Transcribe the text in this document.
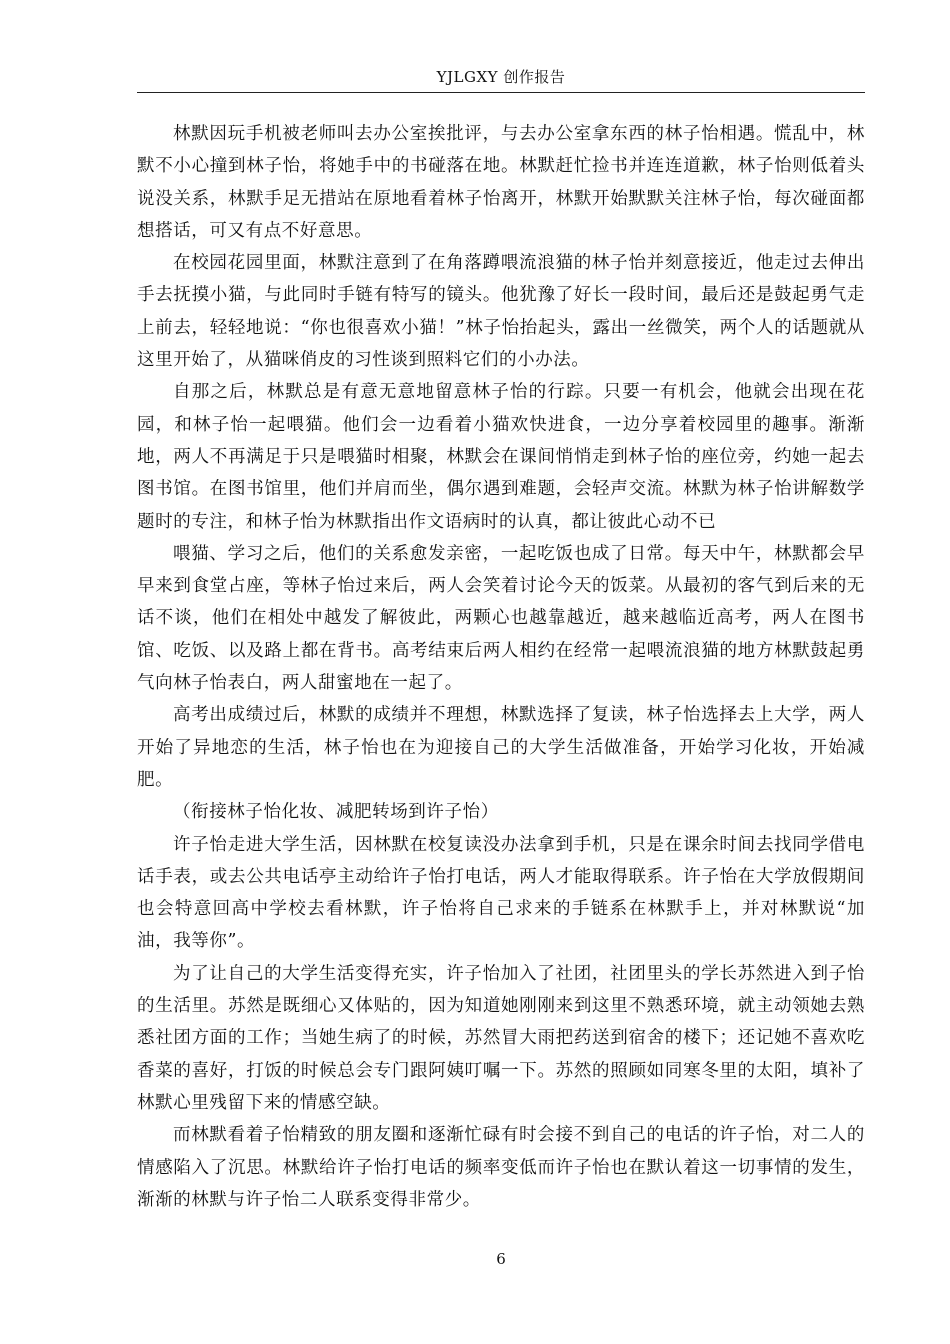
YJLGXY 创作报告

林默因玩手机被老师叫去办公室挨批评，与去办公室拿东西的林子怡相遇。慌乱中，林默不小心撞到林子怡，将她手中的书碰落在地。林默赶忙捡书并连连道歉，林子怡则低着头说没关系，林默手足无措站在原地看着林子怡离开，林默开始默默关注林子怡，每次碰面都想搭话，可又有点不好意思。

在校园花园里面，林默注意到了在角落蹲喂流浪猫的林子怡并刻意接近，他走过去伸出手去抚摸小猫，与此同时手链有特写的镜头。他犹豫了好长一段时间，最后还是鼓起勇气走上前去，轻轻地说：“你也很喜欢小猫！”林子怡抬起头，露出一丝微笑，两个人的话题就从这里开始了，从猫咪俏皮的习性谈到照料它们的小办法。

自那之后，林默总是有意无意地留意林子怡的行踪。只要一有机会，他就会出现在花园，和林子怡一起喂猫。他们会一边看着小猫欢快进食，一边分享着校园里的趣事。渐渐地，两人不再满足于只是喂猫时相聚，林默会在课间悄悄走到林子怡的座位旁，约她一起去图书馆。在图书馆里，他们并肩而坐，偶尔遇到难题，会轻声交流。林默为林子怡讲解数学题时的专注，和林子怡为林默指出作文语病时的认真，都让彼此心动不已

喂猫、学习之后，他们的关系愈发亲密，一起吃饭也成了日常。每天中午，林默都会早早来到食堂占座，等林子怡过来后，两人会笑着讨论今天的饭菜。从最初的客气到后来的无话不谈，他们在相处中越发了解彼此，两颗心也越靠越近，越来越临近高考，两人在图书馆、吃饭、以及路上都在背书。高考结束后两人相约在经常一起喂流浪猫的地方林默鼓起勇气向林子怡表白，两人甜蜜地在一起了。

高考出成绩过后，林默的成绩并不理想，林默选择了复读，林子怡选择去上大学，两人开始了异地恋的生活，林子怡也在为迎接自己的大学生活做准备，开始学习化妆，开始减肥。

（衔接林子怡化妆、减肥转场到许子怡）

许子怡走进大学生活，因林默在校复读没办法拿到手机，只是在课余时间去找同学借电话手表，或去公共电话亭主动给许子怡打电话，两人才能取得联系。许子怡在大学放假期间也会特意回高中学校去看林默，许子怡将自己求来的手链系在林默手上，并对林默说“加油，我等你”。

为了让自己的大学生活变得充实，许子怡加入了社团，社团里头的学长苏然进入到子怡的生活里。苏然是既细心又体贴的，因为知道她刚刚来到这里不熟悉环境，就主动领她去熟悉社团方面的工作；当她生病了的时候，苏然冒大雨把药送到宿舍的楼下；还记她不喜欢吃香菜的喜好，打饭的时候总会专门跟阿姨叮嘱一下。苏然的照顾如同寒冬里的太阳，填补了林默心里残留下来的情感空缺。

而林默看着子怡精致的朋友圈和逐渐忙碌有时会接不到自己的电话的许子怡，对二人的情感陷入了沉思。林默给许子怡打电话的频率变低而许子怡也在默认着这一切事情的发生，渐渐的林默与许子怡二人联系变得非常少。

6
